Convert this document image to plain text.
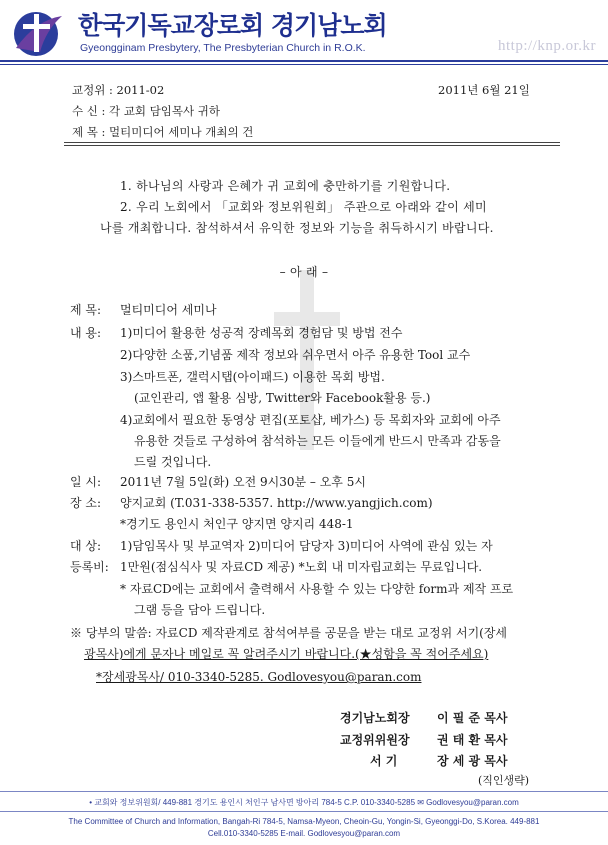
한국기독교장로회 경기남노회
Gyeongginam Presbytery, The Presbyterian Church in R.O.K.	http://knp.or.kr
교정위 : 2011-02	2011년 6월 21일
수 신 : 각 교회 담임목사 귀하
제 목 : 멀티미디어 세미나 개최의 건
1. 하나님의 사랑과 은혜가 귀 교회에 충만하기를 기원합니다.
2. 우리 노회에서 「교회와 정보위원회」 주관으로 아래와 같이 세미
나를 개최합니다. 참석하셔서 유익한 정보와 기능을 취득하시기 바랍니다.
– 아 래 –
제 목: 멀티미디어 세미나
내 용: 1)미디어 활용한 성공적 장례목회 경험담 및 방법 전수
2)다양한 소품,기념품 제작 정보와 쉬우면서 아주 유용한 Tool 교수
3)스마트폰, 갤럭시탭(아이패드) 이용한 목회 방법.
(교인관리, 앱 활용 심방, Twitter와 Facebook활용 등.)
4)교회에서 필요한 동영상 편집(포토샵, 베가스) 등 목회자와 교회에 아주
유용한 것들로 구성하여 참석하는 모든 이들에게 반드시 만족과 감동을
드릴 것입니다.
일 시: 2011년 7월 5일(화) 오전 9시30분 – 오후 5시
장 소: 양지교회 (T.031-338-5357. http://www.yangjich.com)
*경기도 용인시 처인구 양지면 양지리 448-1
대 상: 1)담임목사 및 부교역자 2)미디어 담당자 3)미디어 사역에 관심 있는 자
등록비: 1만원(점심식사 및 자료CD 제공) *노회 내 미자립교회는 무료입니다.
* 자료CD에는 교회에서 출력해서 사용할 수 있는 다양한 form과 제작 프로
그램 등을 담아 드립니다.
※ 당부의 말씀: 자료CD 제작관계로 참석여부를 공문을 받는 대로 교정위 서기(장세
광목사)에게 문자나 메일로 꼭 알려주시기 바랍니다.(★성함을 꼭 적어주세요)
*장세광목사/ 010-3340-5285. Godlovesyou@paran.com
경기남노회장 이 필 준 목사
교정위위원장 권 태 환 목사
서 기	장 세 광 목사
(직인생략)
• 교회와 정보위원회/ 449-881 경기도 용인시 처인구 남사면 방아리 784-5 C.P. 010-3340-5285 ✉ Godlovesyou@paran.com
The Committee of Church and Information, Bangah-Ri 784-5, Namsa-Myeon, Cheoin-Gu, Yongin-Si, Gyeonggi-Do, S.Korea. 449-881
Cell.010-3340-5285 E-mail. Godlovesyou@paran.com
